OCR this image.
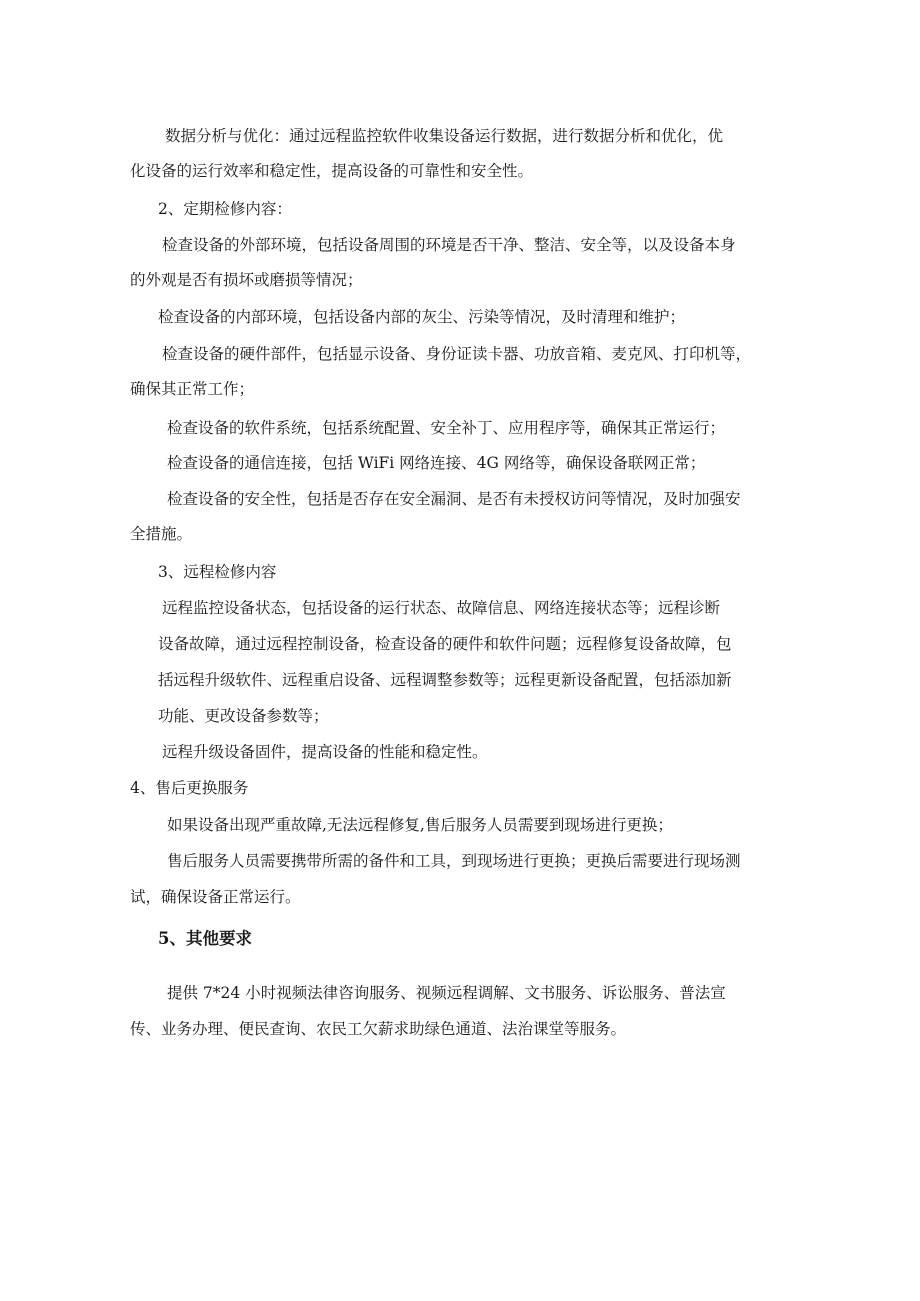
数据分析与优化：通过远程监控软件收集设备运行数据，进行数据分析和优化，优

化设备的运行效率和稳定性，提高设备的可靠性和安全性。

2、定期检修内容：

检查设备的外部环境，包括设备周围的环境是否干净、整洁、安全等，以及设备本身

的外观是否有损坏或磨损等情况；

检查设备的内部环境，包括设备内部的灰尘、污染等情况，及时清理和维护；

检查设备的硬件部件，包括显示设备、身份证读卡器、功放音箱、麦克风、打印机等，

确保其正常工作；

检查设备的软件系统，包括系统配置、安全补丁、应用程序等，确保其正常运行；

检查设备的通信连接，包括 WiFi 网络连接、4G 网络等，确保设备联网正常；

检查设备的安全性，包括是否存在安全漏洞、是否有未授权访问等情况，及时加强安

全措施。

3、远程检修内容

远程监控设备状态，包括设备的运行状态、故障信息、网络连接状态等；远程诊断

设备故障，通过远程控制设备，检查设备的硬件和软件问题；远程修复设备故障，包

括远程升级软件、远程重启设备、远程调整参数等；远程更新设备配置，包括添加新

功能、更改设备参数等；

远程升级设备固件，提高设备的性能和稳定性。

4、售后更换服务

如果设备出现严重故障,无法远程修复,售后服务人员需要到现场进行更换；

售后服务人员需要携带所需的备件和工具，到现场进行更换；更换后需要进行现场测

试，确保设备正常运行。

5、其他要求

提供 7*24 小时视频法律咨询服务、视频远程调解、文书服务、诉讼服务、普法宣

传、业务办理、便民查询、农民工欠薪求助绿色通道、法治课堂等服务。
